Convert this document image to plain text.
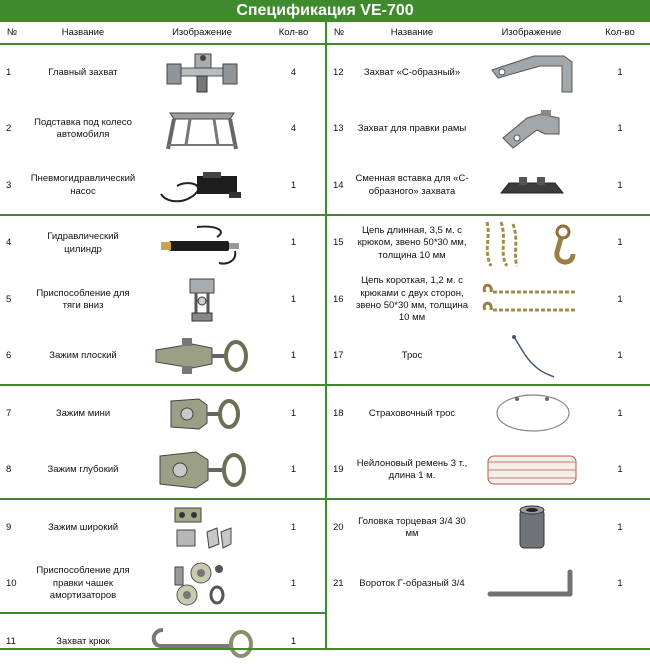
Спецификация VE-700
№	Название	Изображение	Кол-во
1	Главный захват		4
2	Подставка под колесо автомобиля		4
3	Пневмогидравлический насос		1
4	Гидравлический цилиндр		1
5	Приспособление для тяги вниз		1
6	Зажим плоский		1
7	Зажим мини		1
8	Зажим глубокий		1
9	Зажим широкий		1
10	Приспособление для правки чашек амортизаторов		1
11	Захват крюк		1
№	Название	Изображение	Кол-во
12	Захват «С-образный»		1
13	Захват для правки рамы		1
14	Сменная вставка для «С-образного» захвата		1
15	Цепь длинная, 3,5 м. с крюком, звено 50*30 мм, толщина 10 мм		1
16	Цепь короткая, 1,2 м. с крюками с двух сторон, звено 50*30 мм, толщина 10 мм		1
17	Трос		1
18	Страховочный трос		1
19	Нейлоновый ремень 3 т., длина 1 м.		1
20	Головка торцевая 3/4 30 мм		1
21	Вороток Г-образный 3/4		1
